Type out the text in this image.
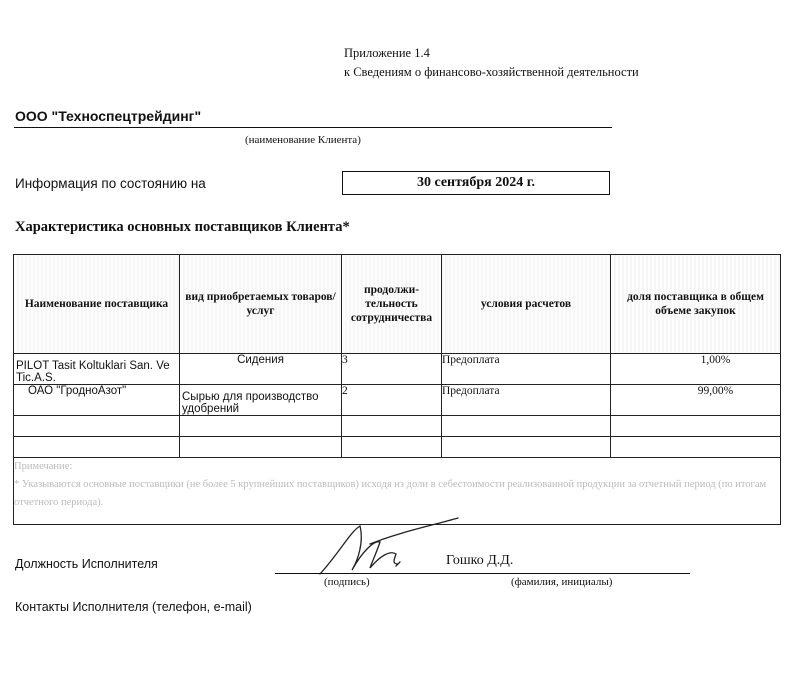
Приложение 1.4
к Сведениям о финансово-хозяйственной деятельности
ООО "Техноспецтрейдинг"
(наименование Клиента)
Информация по состоянию на	30 сентября 2024 г.
Характеристика основных поставщиков Клиента*
Наименование поставщика	вид приобретаемых товаров/ услуг	продолжи-тельность сотрудничества	условия расчетов	доля поставщика в общем объеме закупок
PILOT Tasit Koltuklari San. Ve Tic.A.S.	Сидения	3	Предоплата	1,00%
ОАО "ГродноАзот"	Сырью для производство удобрений	2	Предоплата	99,00%

Примечание:
* Указываются основные поставщики (не более 5 крупнейших поставщиков) исходя из доли в себестоимости реализованной продукции за отчетный период (по итогам отчетного периода).				
Должность Исполнителя	Гошко Д.Д.
(подпись)	(фамилия, инициалы)
Контакты Исполнителя (телефон, e-mail)
